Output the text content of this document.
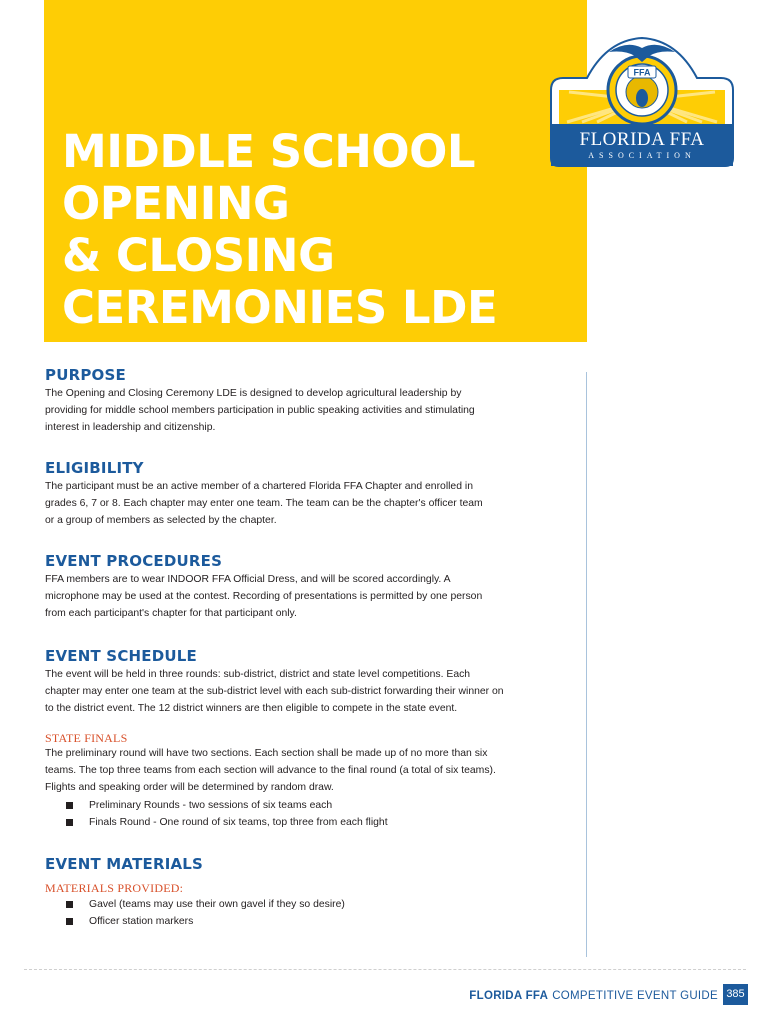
MIDDLE SCHOOL
OPENING
& CLOSING
CEREMONIES LDE
FFA
FLORIDA FFA
ASSOCIATION
PURPOSE
The Opening and Closing Ceremony LDE is designed to develop agricultural leadership by
providing for middle school members participation in public speaking activities and stimulating
interest in leadership and citizenship.
ELIGIBILITY
The participant must be an active member of a chartered Florida FFA Chapter and enrolled in
grades 6, 7 or 8. Each chapter may enter one team. The team can be the chapter's officer team
or a group of members as selected by the chapter.
EVENT PROCEDURES
FFA members are to wear INDOOR FFA Official Dress, and will be scored accordingly. A
microphone may be used at the contest. Recording of presentations is permitted by one person
from each participant's chapter for that participant only.
EVENT SCHEDULE
The event will be held in three rounds: sub-district, district and state level competitions. Each
chapter may enter one team at the sub-district level with each sub-district forwarding their winner on
to the district event. The 12 district winners are then eligible to compete in the state event.
STATE FINALS
The preliminary round will have two sections. Each section shall be made up of no more than six
teams. The top three teams from each section will advance to the final round (a total of six teams).
Flights and speaking order will be determined by random draw.
Preliminary Rounds - two sessions of six teams each
Finals Round - One round of six teams, top three from each flight
EVENT MATERIALS
MATERIALS PROVIDED:
Gavel (teams may use their own gavel if they so desire)
Officer station markers
FLORIDA FFA COMPETITIVE EVENT GUIDE 385
